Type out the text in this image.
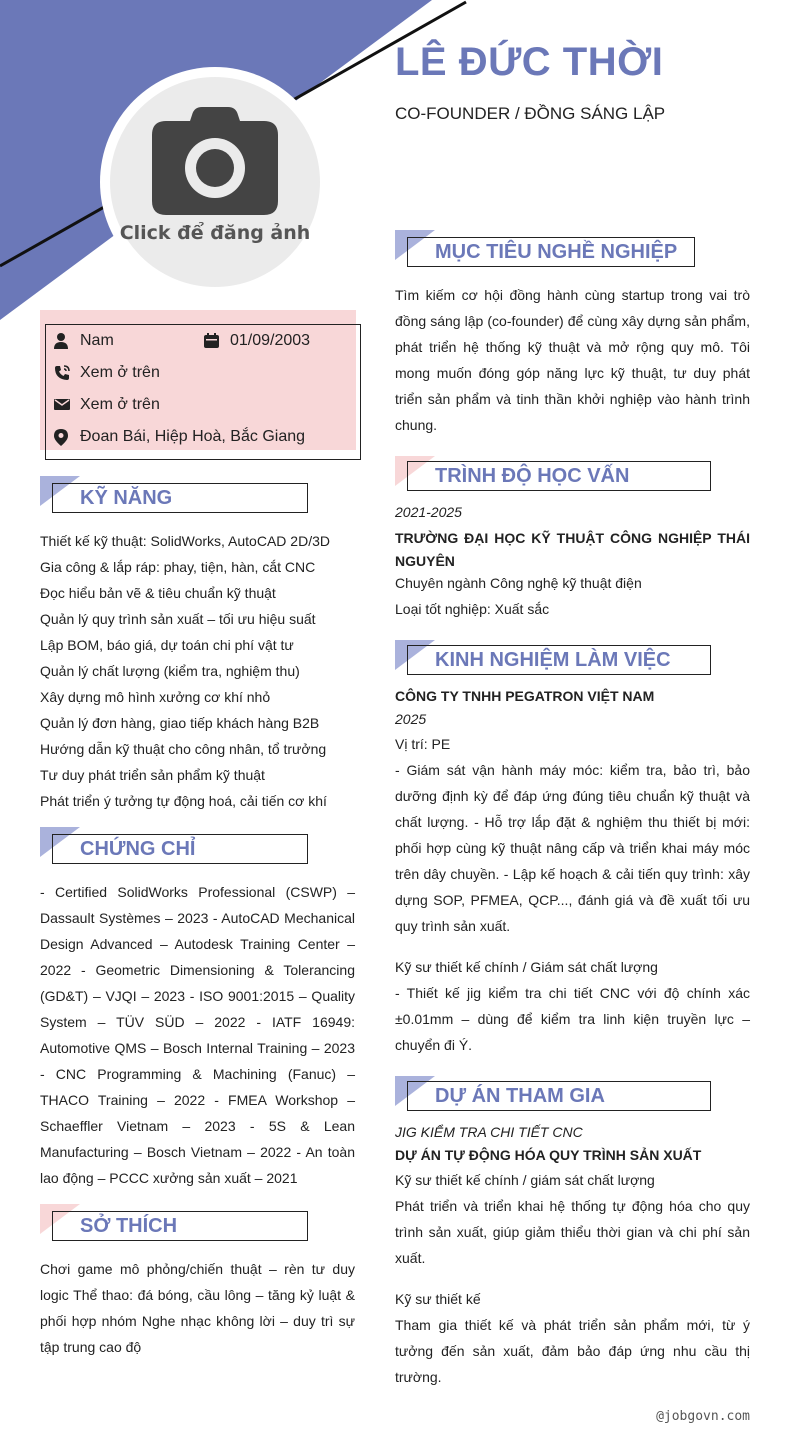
Click để đăng ảnh
LÊ ĐỨC THỜI
CO-FOUNDER / ĐỒNG SÁNG LẬP
Nam	01/09/2003
Xem ở trên
Xem ở trên
Đoan Bái, Hiệp Hoà, Bắc Giang
KỸ NĂNG
Thiết kế kỹ thuật: SolidWorks, AutoCAD 2D/3D
Gia công & lắp ráp: phay, tiện, hàn, cắt CNC
Đọc hiểu bản vẽ & tiêu chuẩn kỹ thuật
Quản lý quy trình sản xuất – tối ưu hiệu suất
Lập BOM, báo giá, dự toán chi phí vật tư
Quản lý chất lượng (kiểm tra, nghiệm thu)
Xây dựng mô hình xưởng cơ khí nhỏ
Quản lý đơn hàng, giao tiếp khách hàng B2B
Hướng dẫn kỹ thuật cho công nhân, tổ trưởng
Tư duy phát triển sản phẩm kỹ thuật
Phát triển ý tưởng tự động hoá, cải tiến cơ khí
CHỨNG CHỈ
- Certified SolidWorks Professional (CSWP) – Dassault Systèmes – 2023 - AutoCAD Mechanical Design Advanced – Autodesk Training Center – 2022 - Geometric Dimensioning & Tolerancing (GD&T) – VJQI – 2023 - ISO 9001:2015 – Quality System – TÜV SÜD – 2022 - IATF 16949: Automotive QMS – Bosch Internal Training – 2023 - CNC Programming & Machining (Fanuc) – THACO Training – 2022 - FMEA Workshop – Schaeffler Vietnam – 2023 - 5S & Lean Manufacturing – Bosch Vietnam – 2022 - An toàn lao động – PCCC xưởng sản xuất – 2021
SỞ THÍCH
Chơi game mô phỏng/chiến thuật – rèn tư duy logic Thể thao: đá bóng, cầu lông – tăng kỷ luật & phối hợp nhóm Nghe nhạc không lời – duy trì sự tập trung cao độ
MỤC TIÊU NGHỀ NGHIỆP
Tìm kiếm cơ hội đồng hành cùng startup trong vai trò đồng sáng lập (co-founder) để cùng xây dựng sản phẩm, phát triển hệ thống kỹ thuật và mở rộng quy mô. Tôi mong muốn đóng góp năng lực kỹ thuật, tư duy phát triển sản phẩm và tinh thần khởi nghiệp vào hành trình chung.
TRÌNH ĐỘ HỌC VẤN
2021-2025
TRƯỜNG ĐẠI HỌC KỸ THUẬT CÔNG NGHIỆP THÁI NGUYÊN
Chuyên ngành Công nghệ kỹ thuật điện
Loại tốt nghiệp: Xuất sắc
KINH NGHIỆM LÀM VIỆC
CÔNG TY TNHH PEGATRON VIỆT NAM
2025
Vị trí: PE
- Giám sát vận hành máy móc: kiểm tra, bảo trì, bảo dưỡng định kỳ để đáp ứng đúng tiêu chuẩn kỹ thuật và chất lượng. - Hỗ trợ lắp đặt & nghiệm thu thiết bị mới: phối hợp cùng kỹ thuật nâng cấp và triển khai máy móc trên dây chuyền. - Lập kế hoạch & cải tiến quy trình: xây dựng SOP, PFMEA, QCP..., đánh giá và đề xuất tối ưu quy trình sản xuất.
Kỹ sư thiết kế chính / Giám sát chất lượng
- Thiết kế jig kiểm tra chi tiết CNC với độ chính xác ±0.01mm – dùng để kiểm tra linh kiện truyền lực – chuyển đi Ý.
DỰ ÁN THAM GIA
JIG KIỂM TRA CHI TIẾT CNC
DỰ ÁN TỰ ĐỘNG HÓA QUY TRÌNH SẢN XUẤT
Kỹ sư thiết kế chính / giám sát chất lượng
Phát triển và triển khai hệ thống tự động hóa cho quy trình sản xuất, giúp giảm thiểu thời gian và chi phí sản xuất.
Kỹ sư thiết kế
Tham gia thiết kế và phát triển sản phẩm mới, từ ý tưởng đến sản xuất, đảm bảo đáp ứng nhu cầu thị trường.
@jobgovn.com
